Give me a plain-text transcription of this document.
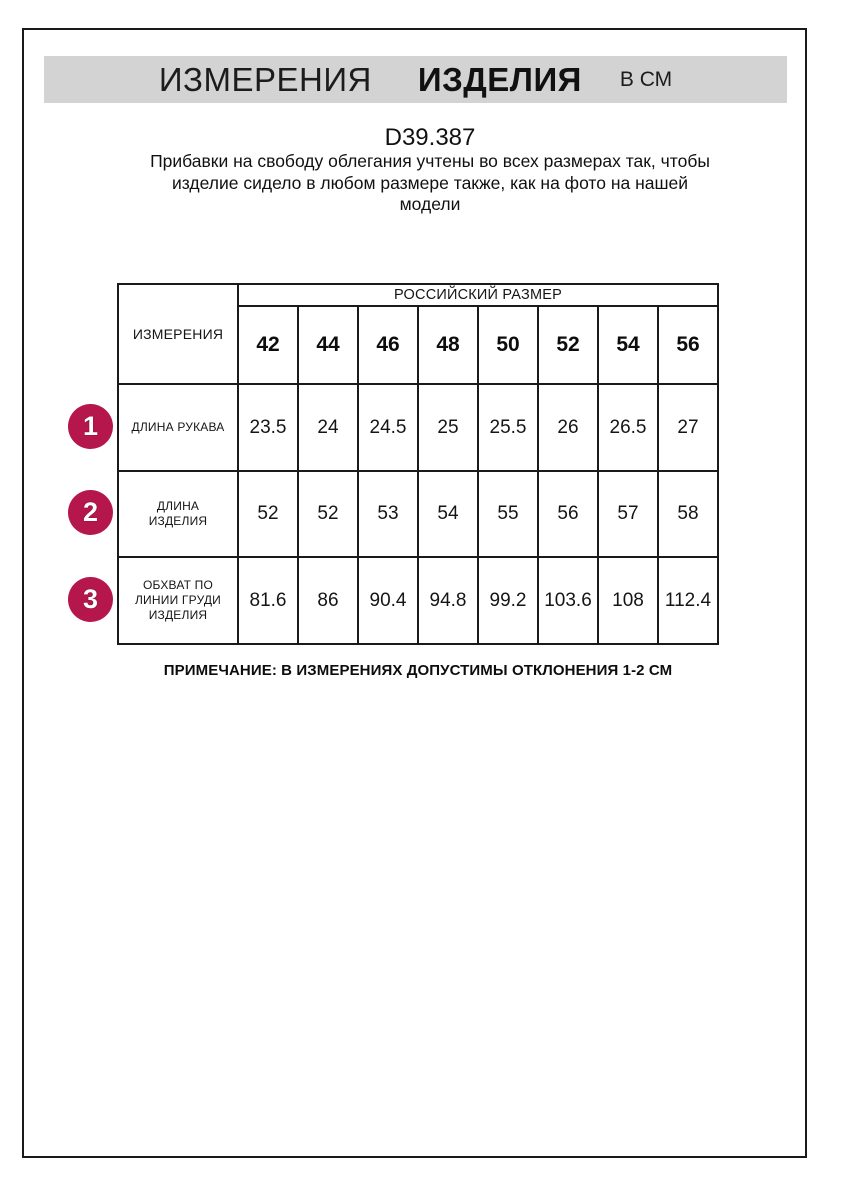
ИЗМЕРЕНИЯ ИЗДЕЛИЯ В СМ
D39.387
Прибавки на свободу облегания учтены во всех размерах так, чтобы
изделие сидело в любом размере также, как на фото на нашей
модели
ИЗМЕРЕНИЯ	РОССИЙСКИЙ РАЗМЕР							
	42	44	46	48	50	52	54	56

ДЛИНА РУКАВА	23.5	24	24.5	25	25.5	26	26.5	27

ДЛИНА
ИЗДЕЛИЯ	52	52	53	54	55	56	57	58

ОБХВАТ ПО
ЛИНИИ ГРУДИ
ИЗДЕЛИЯ	81.6	86	90.4	94.8	99.2	103.6	108	112.4
1
2
3
ПРИМЕЧАНИЕ: В ИЗМЕРЕНИЯХ ДОПУСТИМЫ ОТКЛОНЕНИЯ 1-2 СМ
